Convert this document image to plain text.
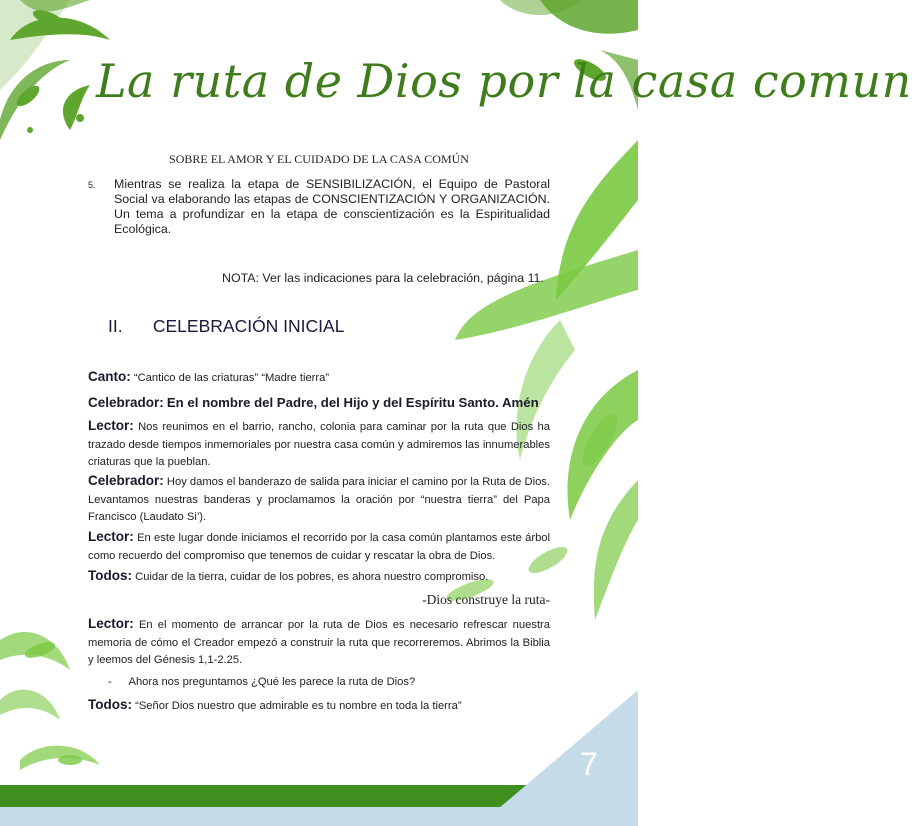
La ruta de Dios por la casa comun
SOBRE EL AMOR Y EL CUIDADO DE LA CASA COMÚN
5. Mientras se realiza la etapa de SENSIBILIZACIÓN, el Equipo de Pastoral Social va elaborando las etapas de CONSCIENTIZACIÓN Y ORGANIZACIÓN. Un tema a profundizar en la etapa de conscientización es la Espiritualidad Ecológica.
NOTA: Ver las indicaciones para la celebración, página 11.
II. CELEBRACIÓN INICIAL
Canto: “Cantico de las criaturas” “Madre tierra”
Celebrador: En el nombre del Padre, del Hijo y del Espíritu Santo. Amén
Lector: Nos reunimos en el barrio, rancho, colonia para caminar por la ruta que Dios ha trazado desde tiempos inmemoriales por nuestra casa común y admiremos las innumerables criaturas que la pueblan.
Celebrador: Hoy damos el banderazo de salida para iniciar el camino por la Ruta de Dios. Levantamos nuestras banderas y proclamamos la oración por “nuestra tierra” del Papa Francisco (Laudato Si’).
Lector: En este lugar donde iniciamos el recorrido por la casa común plantamos este árbol como recuerdo del compromiso que tenemos de cuidar y rescatar la obra de Dios.
Todos: Cuidar de la tierra, cuidar de los pobres, es ahora nuestro compromiso.
-Dios construye la ruta-
Lector: En el momento de arrancar por la ruta de Dios es necesario refrescar nuestra memoria de cómo el Creador empezó a construir la ruta que recorreremos. Abrimos la Biblia y leemos del Génesis 1,1-2.25.
- Ahora nos preguntamos ¿Qué les parece la ruta de Dios?
Todos: “Señor Dios nuestro que admirable es tu nombre en toda la tierra”
7
